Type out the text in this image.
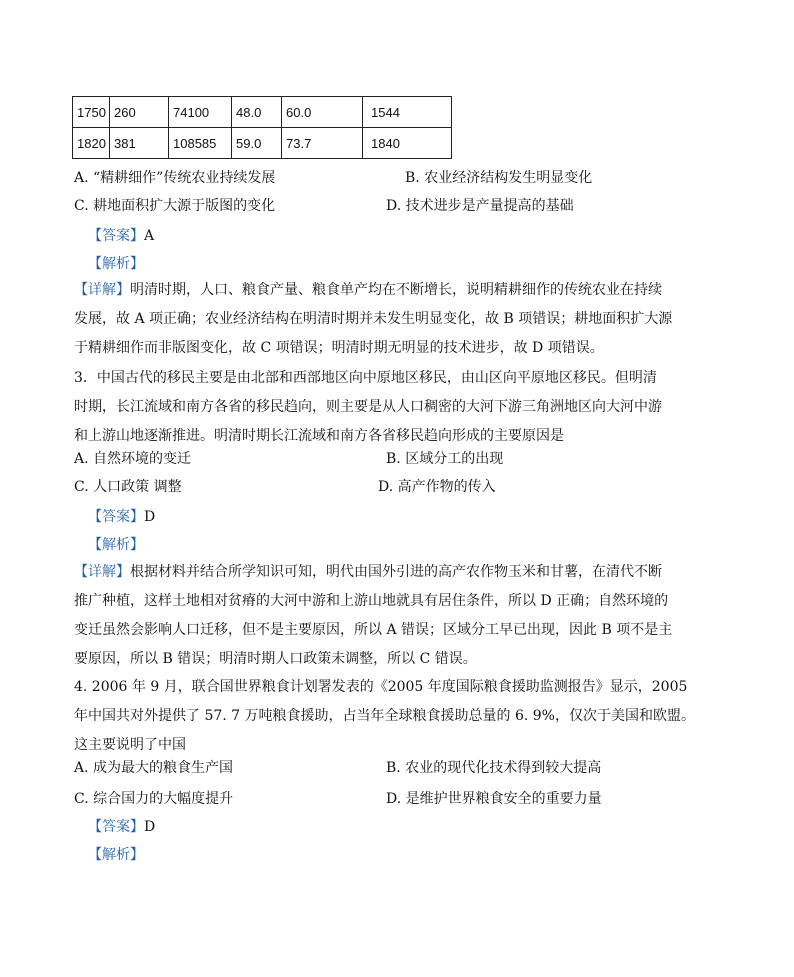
1750	260	74100	48.0	60.0	1544
1820	381	108585	59.0	73.7	1840
A. “精耕细作”传统农业持续发展	B. 农业经济结构发生明显变化
C. 耕地面积扩大源于版图的变化	D. 技术进步是产量提高的基础
【答案】A
【解析】
【详解】明清时期，人口、粮食产量、粮食单产均在不断增长，说明精耕细作的传统农业在持续
发展，故 A 项正确；农业经济结构在明清时期并未发生明显变化，故 B 项错误；耕地面积扩大源
于精耕细作而非版图变化，故 C 项错误；明清时期无明显的技术进步，故 D 项错误。
3．中国古代的移民主要是由北部和西部地区向中原地区移民，由山区向平原地区移民。但明清
时期，长江流域和南方各省的移民趋向，则主要是从人口稠密的大河下游三角洲地区向大河中游
和上游山地逐渐推进。明清时期长江流域和南方各省移民趋向形成的主要原因是
A. 自然环境的变迁	B. 区域分工的出现
C. 人口政策 调整	D. 高产作物的传入
【答案】D
【解析】
【详解】根据材料并结合所学知识可知，明代由国外引进的高产农作物玉米和甘薯，在清代不断
推广种植，这样土地相对贫瘠的大河中游和上游山地就具有居住条件，所以 D 正确；自然环境的
变迁虽然会影响人口迁移，但不是主要原因，所以 A 错误；区域分工早已出现，因此 B 项不是主
要原因，所以 B 错误；明清时期人口政策未调整，所以 C 错误。
4. 2006 年 9 月，联合国世界粮食计划署发表的《2005 年度国际粮食援助监测报告》显示，2005
年中国共对外提供了 57. 7 万吨粮食援助，占当年全球粮食援助总量的 6. 9%，仅次于美国和欧盟。
这主要说明了中国
A. 成为最大的粮食生产国	B. 农业的现代化技术得到较大提高
C. 综合国力的大幅度提升	D. 是维护世界粮食安全的重要力量
【答案】D
【解析】
